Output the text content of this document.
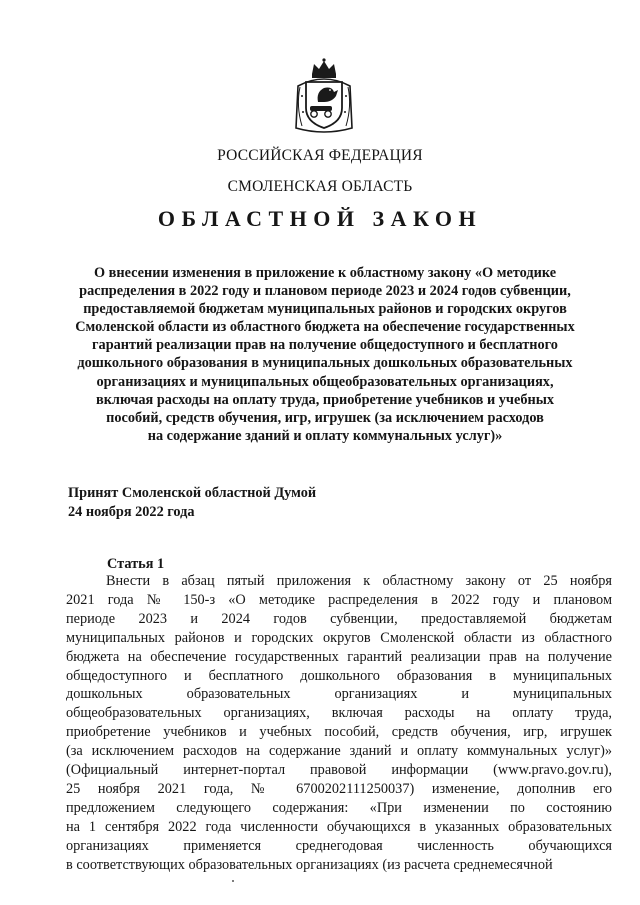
РОССИЙСКАЯ ФЕДЕРАЦИЯ
СМОЛЕНСКАЯ ОБЛАСТЬ
ОБЛАСТНОЙ ЗАКОН
О внесении изменения в приложение к областному закону «О методике
распределения в 2022 году и плановом периоде 2023 и 2024 годов субвенции,
предоставляемой бюджетам муниципальных районов и городских округов
Смоленской области из областного бюджета на обеспечение государственных
гарантий реализации прав на получение общедоступного и бесплатного
дошкольного образования в муниципальных дошкольных образовательных
организациях и муниципальных общеобразовательных организациях,
включая расходы на оплату труда, приобретение учебников и учебных
пособий, средств обучения, игр, игрушек (за исключением расходов
на содержание зданий и оплату коммунальных услуг)»
Принят Смоленской областной Думой
24 ноября 2022 года
Статья 1
Внести в абзац пятый приложения к областному закону от 25 ноября
2021 года № 150-з «О методике распределения в 2022 году и плановом
периоде 2023 и 2024 годов субвенции, предоставляемой бюджетам
муниципальных районов и городских округов Смоленской области из областного
бюджета на обеспечение государственных гарантий реализации прав на получение
общедоступного и бесплатного дошкольного образования в муниципальных
дошкольных образовательных организациях и муниципальных
общеобразовательных организациях, включая расходы на оплату труда,
приобретение учебников и учебных пособий, средств обучения, игр, игрушек
(за исключением расходов на содержание зданий и оплату коммунальных услуг)»
(Официальный интернет-портал правовой информации (www.pravo.gov.ru),
25 ноября 2021 года, № 6700202111250037) изменение, дополнив его
предложением следующего содержания: «При изменении по состоянию
на 1 сентября 2022 года численности обучающихся в указанных образовательных
организациях применяется среднегодовая численность обучающихся
в соответствующих образовательных организациях (из расчета среднемесячной
